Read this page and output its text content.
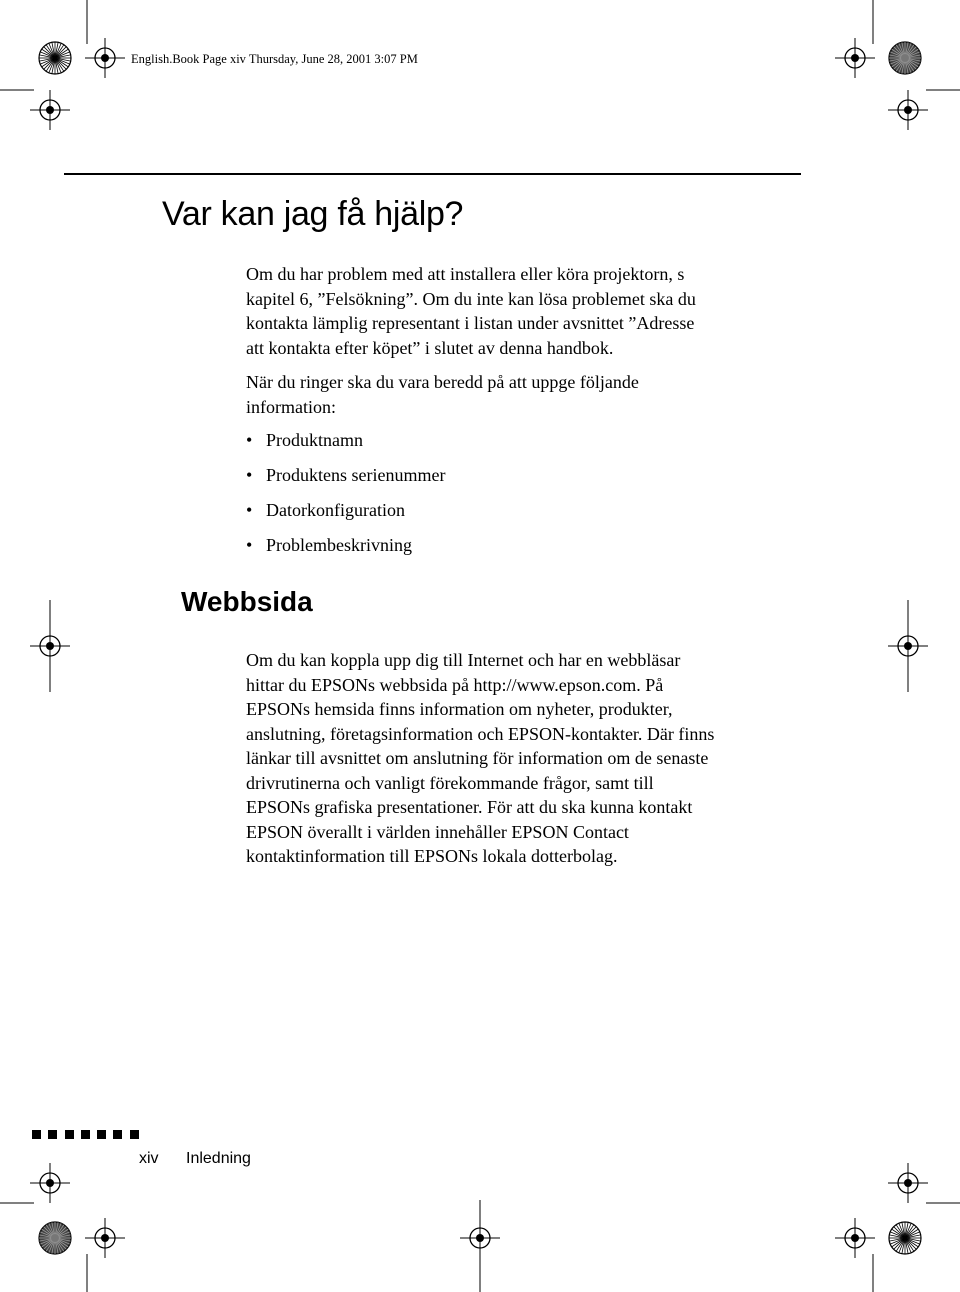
English.Book Page xiv Thursday, June 28, 2001 3:07 PM
Var kan jag få hjälp?

Om du har problem med att installera eller köra projektorn, s
kapitel 6, ”Felsökning”. Om du inte kan lösa problemet ska du
kontakta lämplig representant i listan under avsnittet ”Adresse
att kontakta efter köpet” i slutet av denna handbok.

När du ringer ska du vara beredd på att uppge följande
information:

• Produktnamn
• Produktens serienummer
• Datorkonfiguration
• Problembeskrivning
Webbsida

Om du kan koppla upp dig till Internet och har en webbläsar
hittar du EPSONs webbsida på http://www.epson.com. På
EPSONs hemsida finns information om nyheter, produkter,
anslutning, företagsinformation och EPSON-kontakter. Där finns
länkar till avsnittet om anslutning för information om de senaste
drivrutinerna och vanligt förekommande frågor, samt till
EPSONs grafiska presentationer. För att du ska kunna kontakt
EPSON överallt i världen innehåller EPSON Contact
kontaktinformation till EPSONs lokala dotterbolag.

xiv Inledning
